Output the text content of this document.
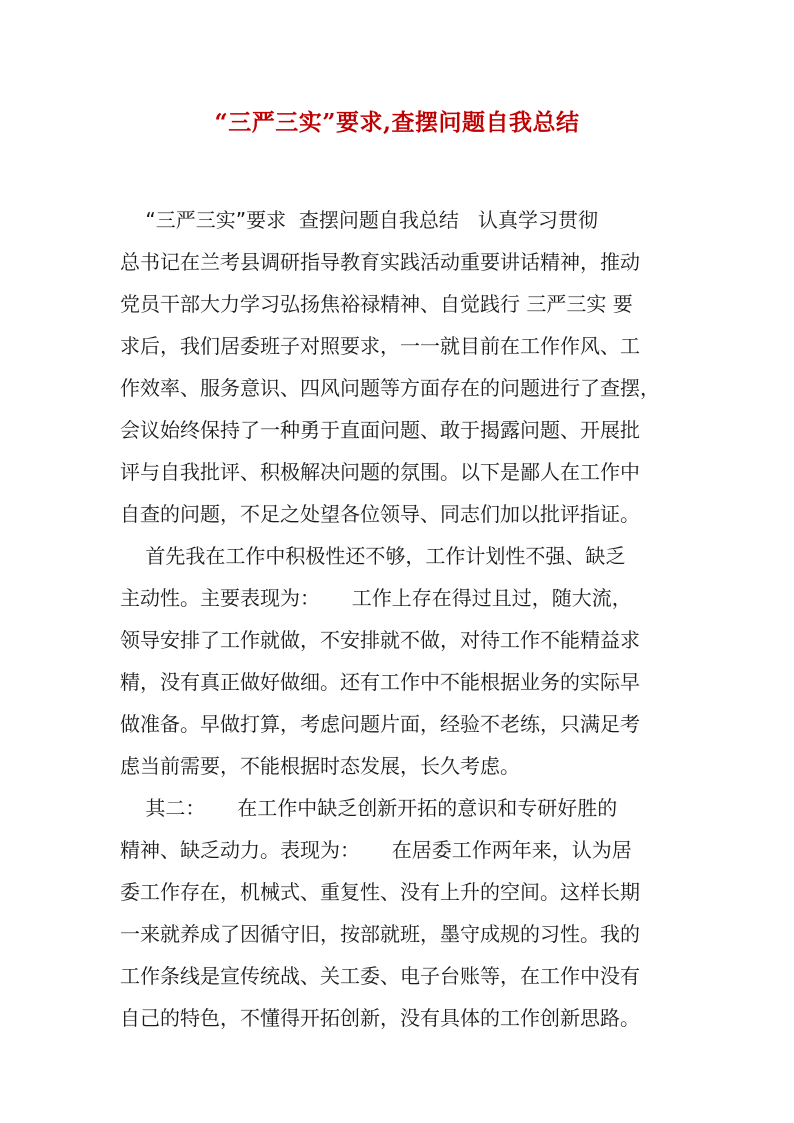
“三严三实”要求,查摆问题自我总结
“三严三实”要求  查摆问题自我总结   认真学习贯彻
总书记在兰考县调研指导教育实践活动重要讲话精神，推动
党员干部大力学习弘扬焦裕禄精神、自觉践行 三严三实 要
求后，我们居委班子对照要求，一一就目前在工作作风、工
作效率、服务意识、四风问题等方面存在的问题进行了查摆，
会议始终保持了一种勇于直面问题、敢于揭露问题、开展批
评与自我批评、积极解决问题的氛围。以下是鄙人在工作中
自查的问题，不足之处望各位领导、同志们加以批评指证。
首先我在工作中积极性还不够，工作计划性不强、缺乏
主动性。主要表现为：     工作上存在得过且过，随大流，
领导安排了工作就做，不安排就不做，对待工作不能精益求
精，没有真正做好做细。还有工作中不能根据业务的实际早
做准备。早做打算，考虑问题片面，经验不老练，只满足考
虑当前需要，不能根据时态发展，长久考虑。
其二：     在工作中缺乏创新开拓的意识和专研好胜的
精神、缺乏动力。表现为：     在居委工作两年来，认为居
委工作存在，机械式、重复性、没有上升的空间。这样长期
一来就养成了因循守旧，按部就班，墨守成规的习性。我的
工作条线是宣传统战、关工委、电子台账等，在工作中没有
自己的特色，不懂得开拓创新，没有具体的工作创新思路。
